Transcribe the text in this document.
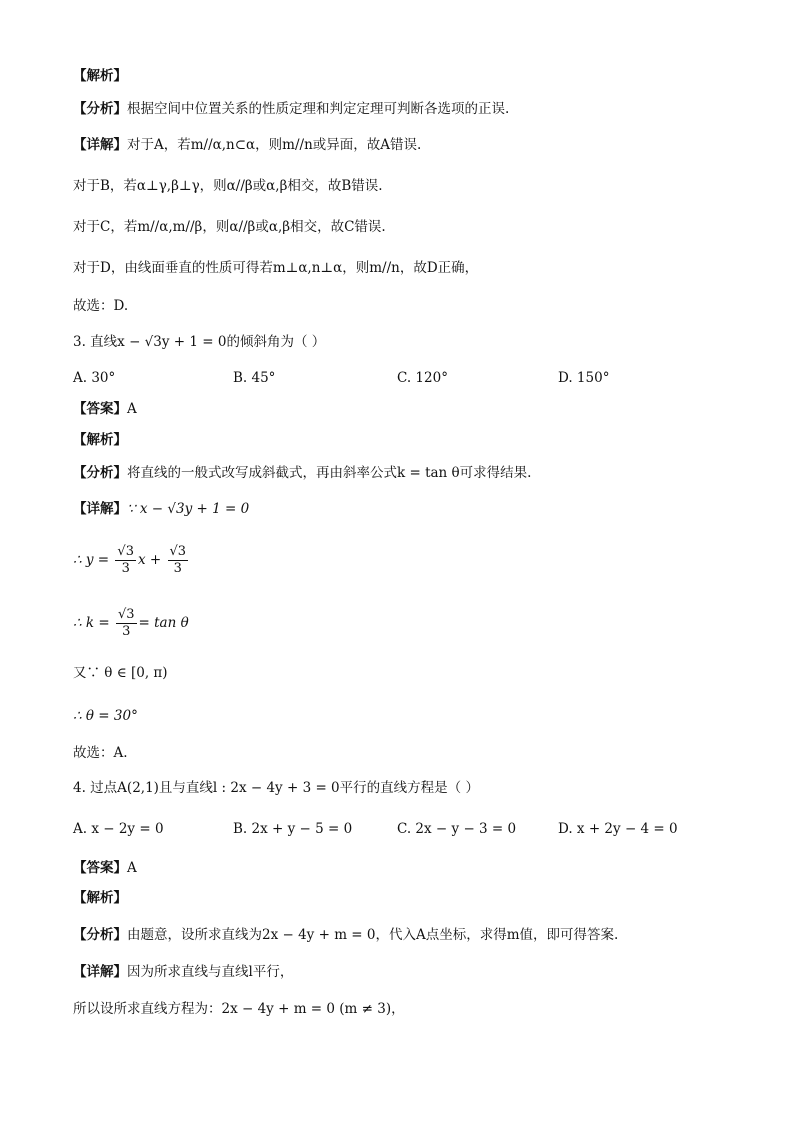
【解析】
【分析】根据空间中位置关系的性质定理和判定定理可判断各选项的正误.
【详解】对于A，若m//α,n⊂α，则m//n或异面，故A错误.
对于B，若α⊥γ,β⊥γ，则α//β或α,β相交，故B错误.
对于C，若m//α,m//β，则α//β或α,β相交，故C错误.
对于D，由线面垂直的性质可得若m⊥α,n⊥α，则m//n，故D正确，
故选：D.
3. 直线x − √3y + 1 = 0的倾斜角为（ ）
A. 30°	B. 45°	C. 120°	D. 150°
【答案】A
【解析】
【分析】将直线的一般式改写成斜截式，再由斜率公式k = tan θ可求得结果.
【详解】∵ x − √3y + 1 = 0
∴ $y = \frac{√3}{3}$ $x + \frac{√3}{3}$
∴ $k = \frac{√3}{3} = \tan \theta$
又∵ θ ∈ [0, π)
∴ θ = 30°
故选：A.
4. 过点A(2,1)且与直线l : 2x − 4y + 3 = 0平行的直线方程是（ ）
A. x − 2y = 0	B. 2x + y − 5 = 0	C. 2x − y − 3 = 0	D. x + 2y − 4 = 0
【答案】A
【解析】
【分析】由题意，设所求直线为2x − 4y + m = 0，代入A点坐标，求得m值，即可得答案.
【详解】因为所求直线与直线l平行，
所以设所求直线方程为：2x − 4y + m = 0 (m ≠ 3)，
